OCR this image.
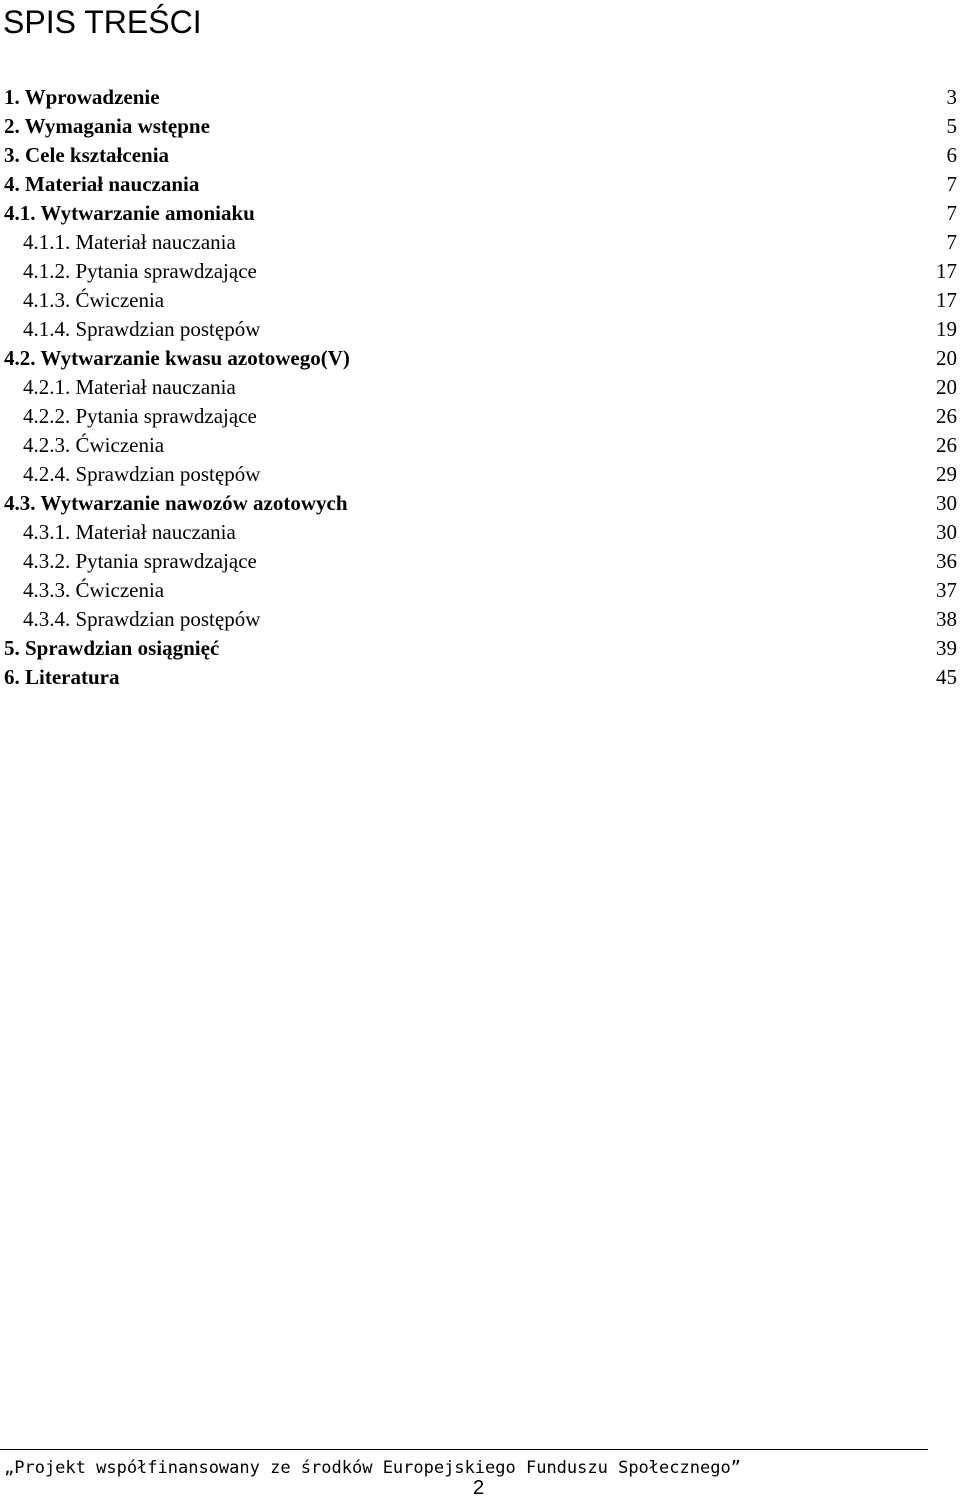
SPIS TREŚCI
1. Wprowadzenie	3
2. Wymagania wstępne	5
3. Cele kształcenia	6
4. Materiał nauczania	7
4.1. Wytwarzanie amoniaku	7
4.1.1. Materiał nauczania	7
4.1.2. Pytania sprawdzające	17
4.1.3. Ćwiczenia	17
4.1.4. Sprawdzian postępów	19
4.2. Wytwarzanie kwasu azotowego(V)	20
4.2.1. Materiał nauczania	20
4.2.2. Pytania sprawdzające	26
4.2.3. Ćwiczenia	26
4.2.4. Sprawdzian postępów	29
4.3. Wytwarzanie nawozów azotowych	30
4.3.1. Materiał nauczania	30
4.3.2. Pytania sprawdzające	36
4.3.3. Ćwiczenia	37
4.3.4. Sprawdzian postępów	38
5. Sprawdzian osiągnięć	39
6. Literatura	45
„Projekt współfinansowany ze środków Europejskiego Funduszu Społecznego”
2
